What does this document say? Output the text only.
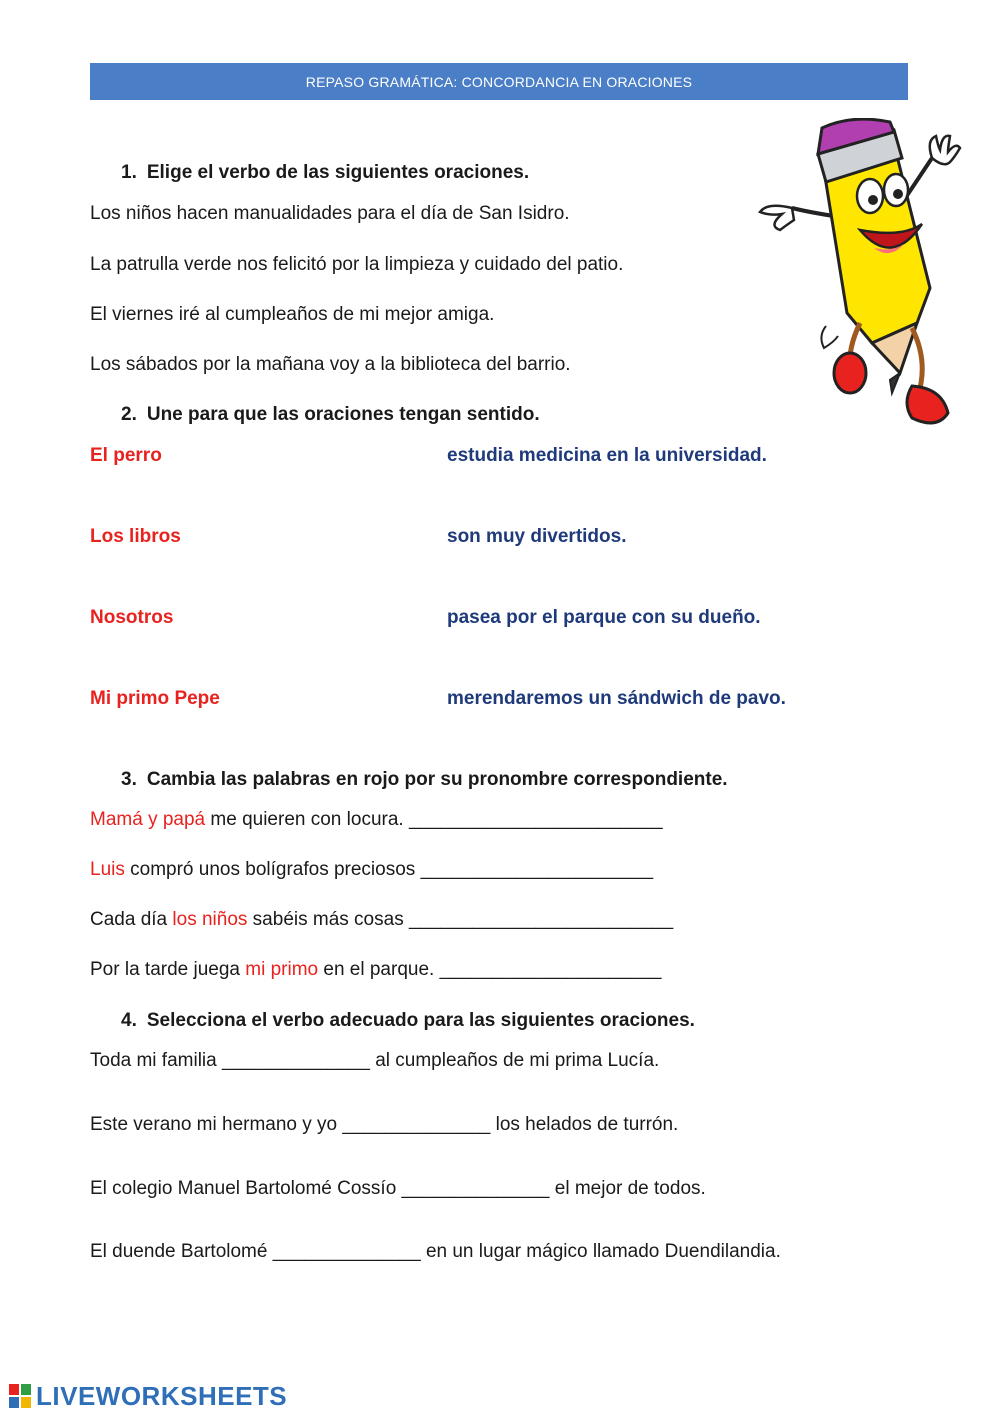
REPASO GRAMÁTICA: CONCORDANCIA EN ORACIONES
1. Elige el verbo de las siguientes oraciones.
Los niños hacen manualidades para el día de San Isidro.
La patrulla verde nos felicitó por la limpieza y cuidado del patio.
El viernes iré al cumpleaños de mi mejor amiga.
Los sábados por la mañana voy a la biblioteca del barrio.
2. Une para que las oraciones tengan sentido.
El perro	estudia medicina en la universidad.
Los libros	son muy divertidos.
Nosotros	pasea por el parque con su dueño.
Mi primo Pepe	merendaremos un sándwich de pavo.
3. Cambia las palabras en rojo por su pronombre correspondiente.
Mamá y papá me quieren con locura. ________________________
Luis compró unos bolígrafos preciosos ______________________
Cada día los niños sabéis más cosas _________________________
Por la tarde juega mi primo en el parque. _____________________
4. Selecciona el verbo adecuado para las siguientes oraciones.
Toda mi familia ______________ al cumpleaños de mi prima Lucía.
Este verano mi hermano y yo ______________ los helados de turrón.
El colegio Manuel Bartolomé Cossío ______________ el mejor de todos.
El duende Bartolomé ______________ en un lugar mágico llamado Duendilandia.
LIVEWORKSHEETS
